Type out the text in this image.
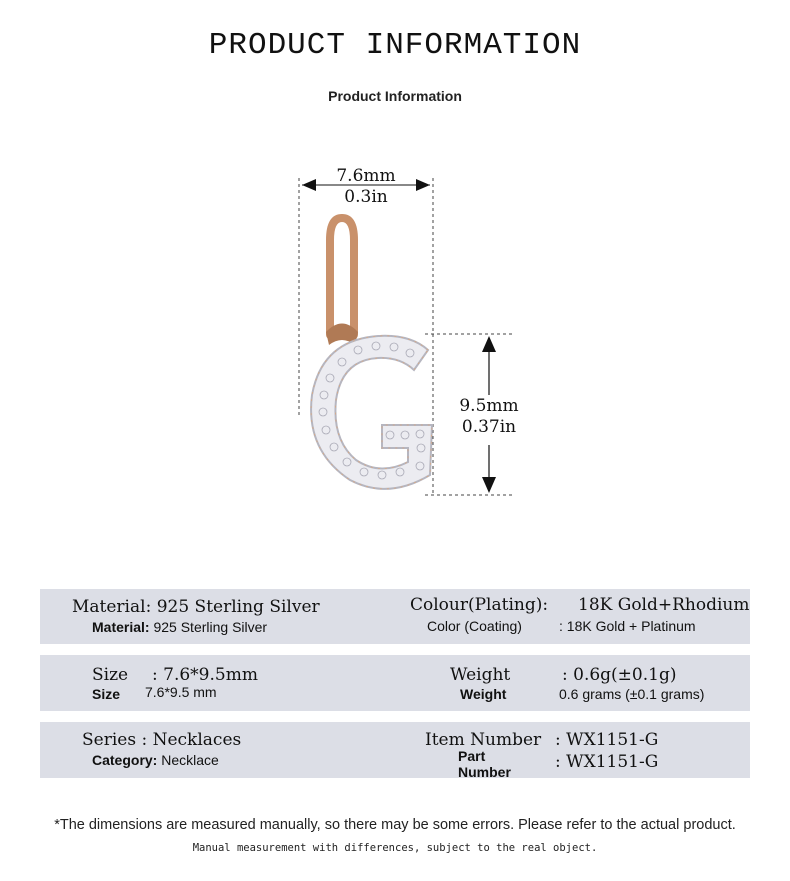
PRODUCT INFORMATION
Product Information
7.6mm
0.3in
9.5mm
0.37in
Material: 925 Sterling Silver
Material: 925 Sterling Silver
Colour(Plating): 18K Gold+Rhodium
Color (Coating)	: 18K Gold + Platinum
Size : 7.6*9.5mm
Size 7.6*9.5 mm
Weight	: 0.6g(±0.1g)
Weight	0.6 grams (±0.1 grams)
Series : Necklaces
Category: Necklace
Item Number : WX1151-G
Part
Number	: WX1151-G
*The dimensions are measured manually, so there may be some errors. Please refer to the actual product.
Manual measurement with differences, subject to the real object.
